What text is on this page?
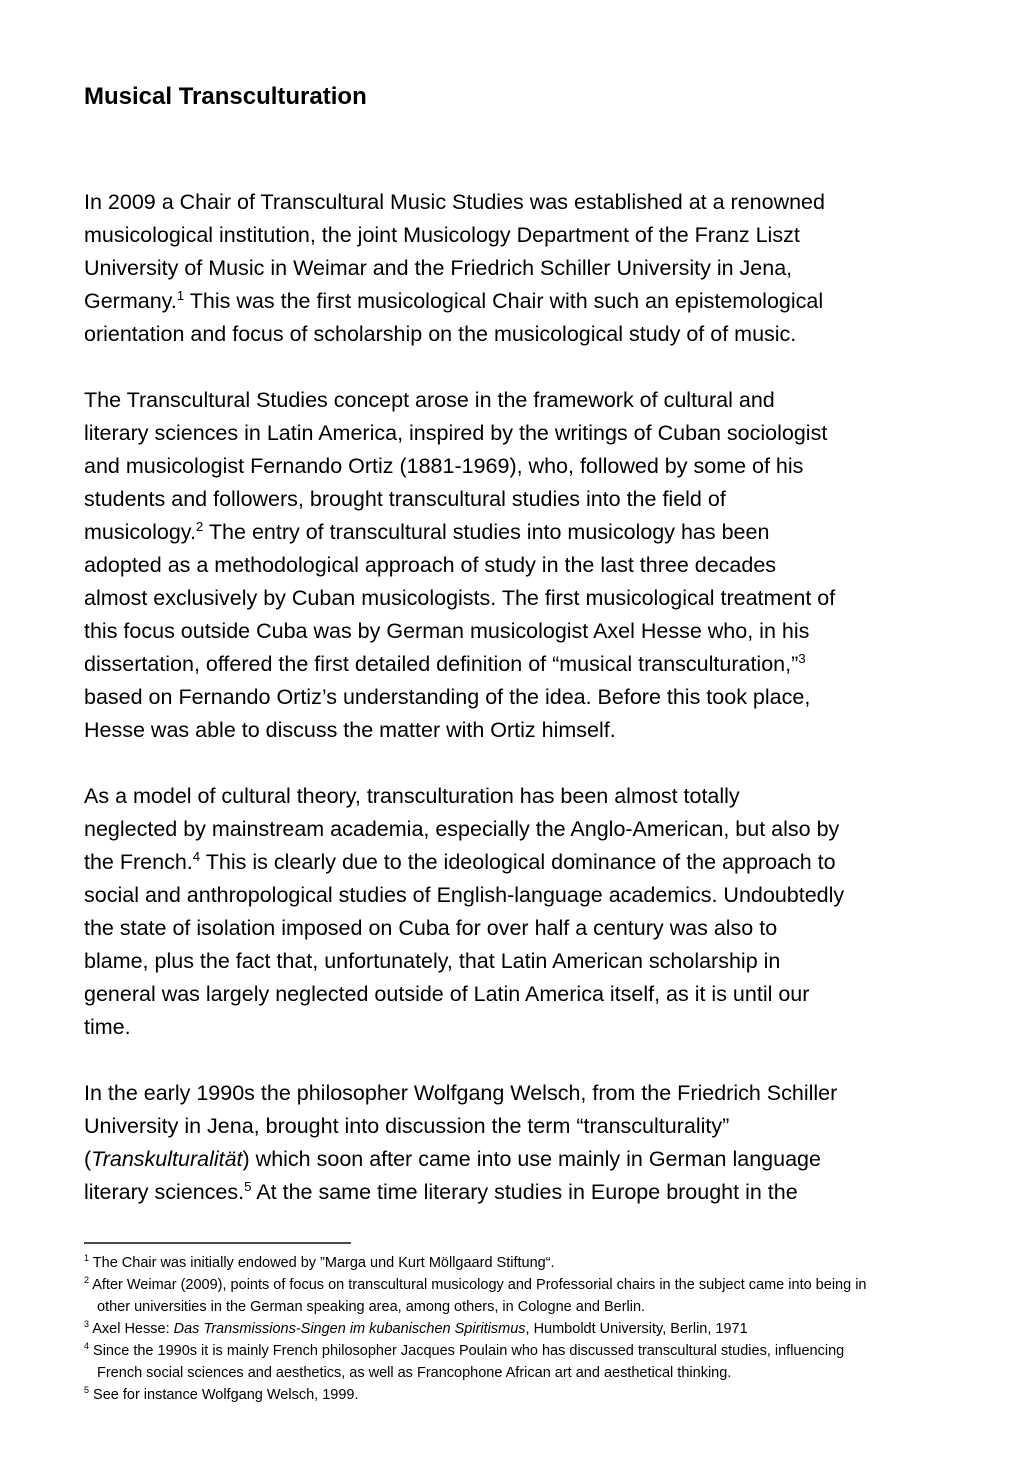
Musical Transculturation

In 2009 a Chair of Transcultural Music Studies was established at a renowned
musicological institution, the joint Musicology Department of the Franz Liszt
University of Music in Weimar and the Friedrich Schiller University in Jena,
Germany.$^1$ This was the first musicological Chair with such an epistemological
orientation and focus of scholarship on the musicological study of of music.

The Transcultural Studies concept arose in the framework of cultural and
literary sciences in Latin America, inspired by the writings of Cuban sociologist
and musicologist Fernando Ortiz (1881-1969), who, followed by some of his
students and followers, brought transcultural studies into the field of
musicology.$^2$ The entry of transcultural studies into musicology has been
adopted as a methodological approach of study in the last three decades
almost exclusively by Cuban musicologists. The first musicological treatment of
this focus outside Cuba was by German musicologist Axel Hesse who, in his
dissertation, offered the first detailed definition of “musical transculturation,”$^3$
based on Fernando Ortiz’s understanding of the idea. Before this took place,
Hesse was able to discuss the matter with Ortiz himself.

As a model of cultural theory, transculturation has been almost totally
neglected by mainstream academia, especially the Anglo-American, but also by
the French.$^4$ This is clearly due to the ideological dominance of the approach to
social and anthropological studies of English-language academics. Undoubtedly
the state of isolation imposed on Cuba for over half a century was also to
blame, plus the fact that, unfortunately, that Latin American scholarship in
general was largely neglected outside of Latin America itself, as it is until our
time.

In the early 1990s the philosopher Wolfgang Welsch, from the Friedrich Schiller
University in Jena, brought into discussion the term “transculturality”
(Transkulturalität) which soon after came into use mainly in German language
literary sciences.$^5$ At the same time literary studies in Europe brought in the

$^1$ The Chair was initially endowed by ”Marga und Kurt Möllgaard Stiftung“.
$^2$ After Weimar (2009), points of focus on transcultural musicology and Professorial chairs in the subject came into being in
other universities in the German speaking area, among others, in Cologne and Berlin.
$^3$ Axel Hesse: Das Transmissions-Singen im kubanischen Spiritismus, Humboldt University, Berlin, 1971
$^4$ Since the 1990s it is mainly French philosopher Jacques Poulain who has discussed transcultural studies, influencing
French social sciences and aesthetics, as well as Francophone African art and aesthetical thinking.
$^5$ See for instance Wolfgang Welsch, 1999.
